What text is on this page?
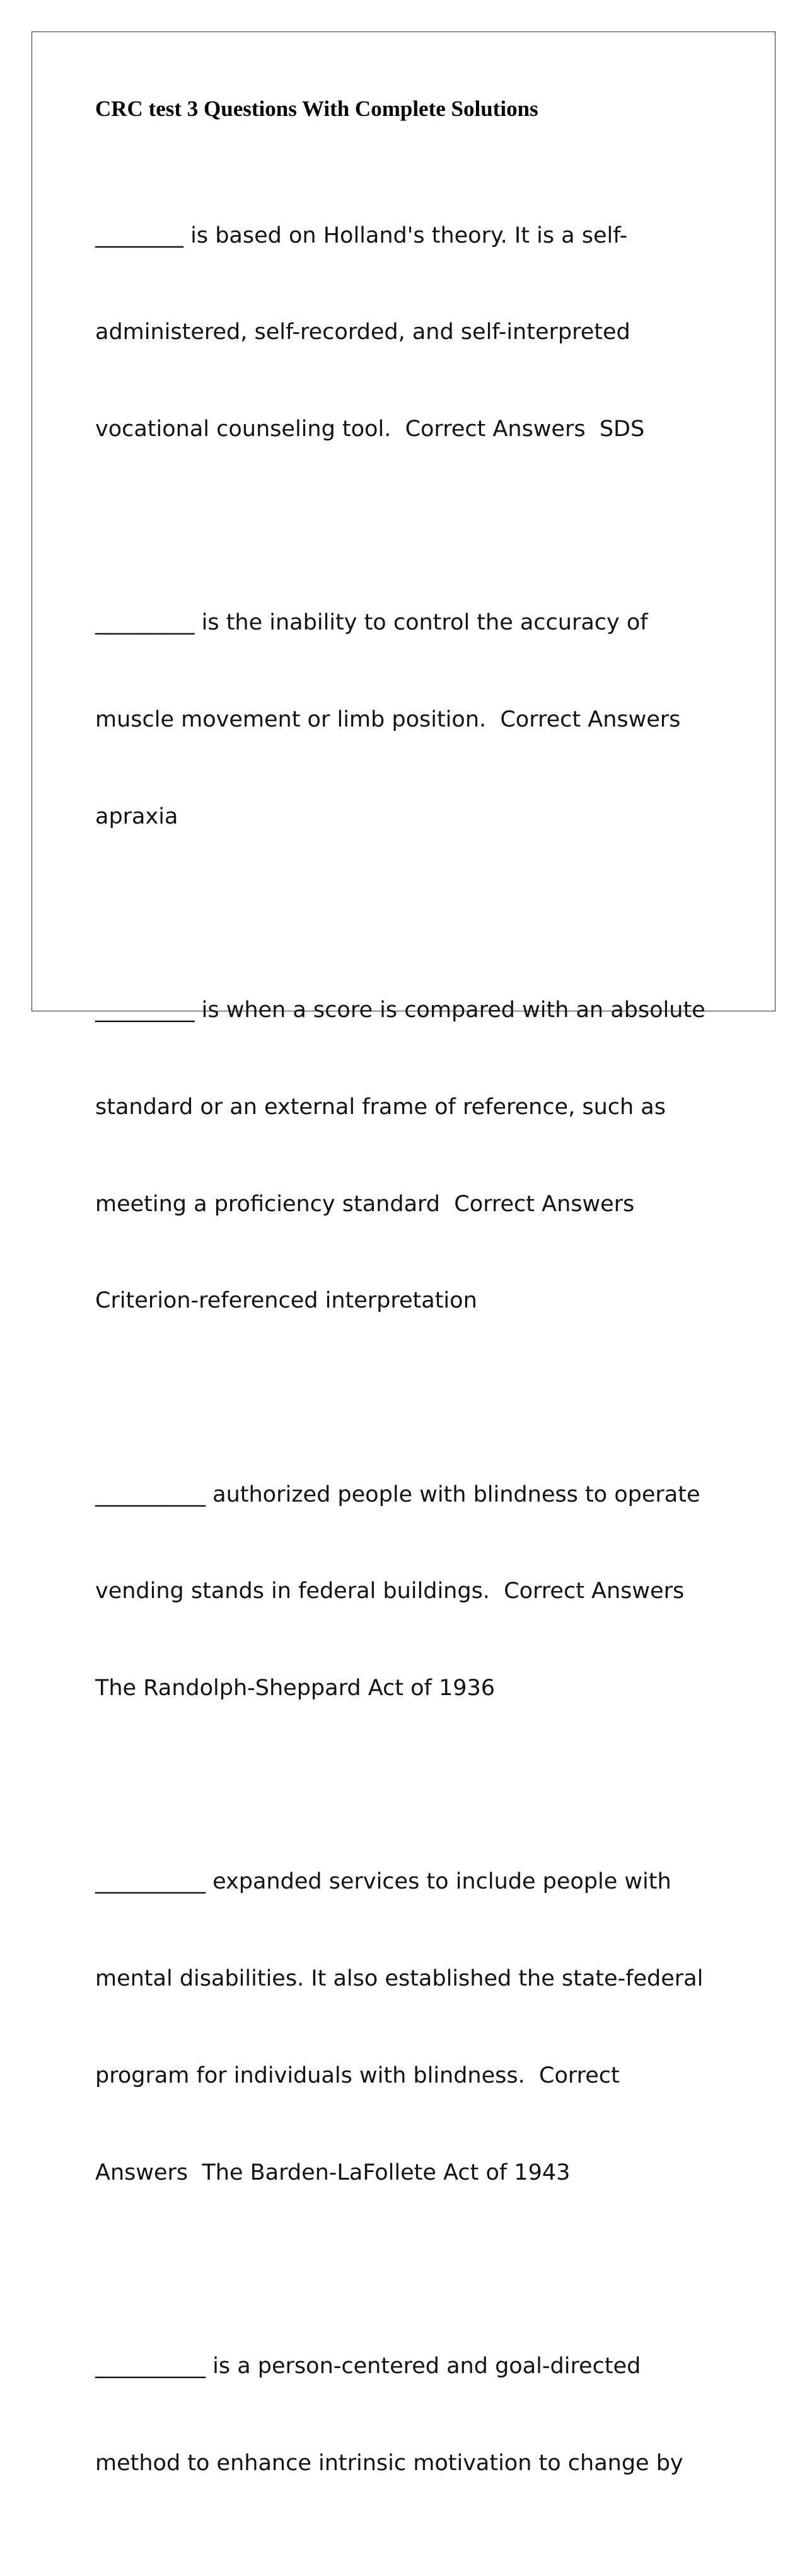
CRC test 3 Questions With Complete Solutions

________ is based on Holland's theory. It is a self-

administered, self-recorded, and self-interpreted

vocational counseling tool.  Correct Answers  SDS

_________ is the inability to control the accuracy of

muscle movement or limb position.  Correct Answers

apraxia

_________ is when a score is compared with an absolute

standard or an external frame of reference, such as

meeting a proficiency standard  Correct Answers

Criterion-referenced interpretation

__________ authorized people with blindness to operate

vending stands in federal buildings.  Correct Answers

The Randolph-Sheppard Act of 1936

__________ expanded services to include people with

mental disabilities. It also established the state-federal

program for individuals with blindness.  Correct

Answers  The Barden-LaFollete Act of 1943

__________ is a person-centered and goal-directed

method to enhance intrinsic motivation to change by
